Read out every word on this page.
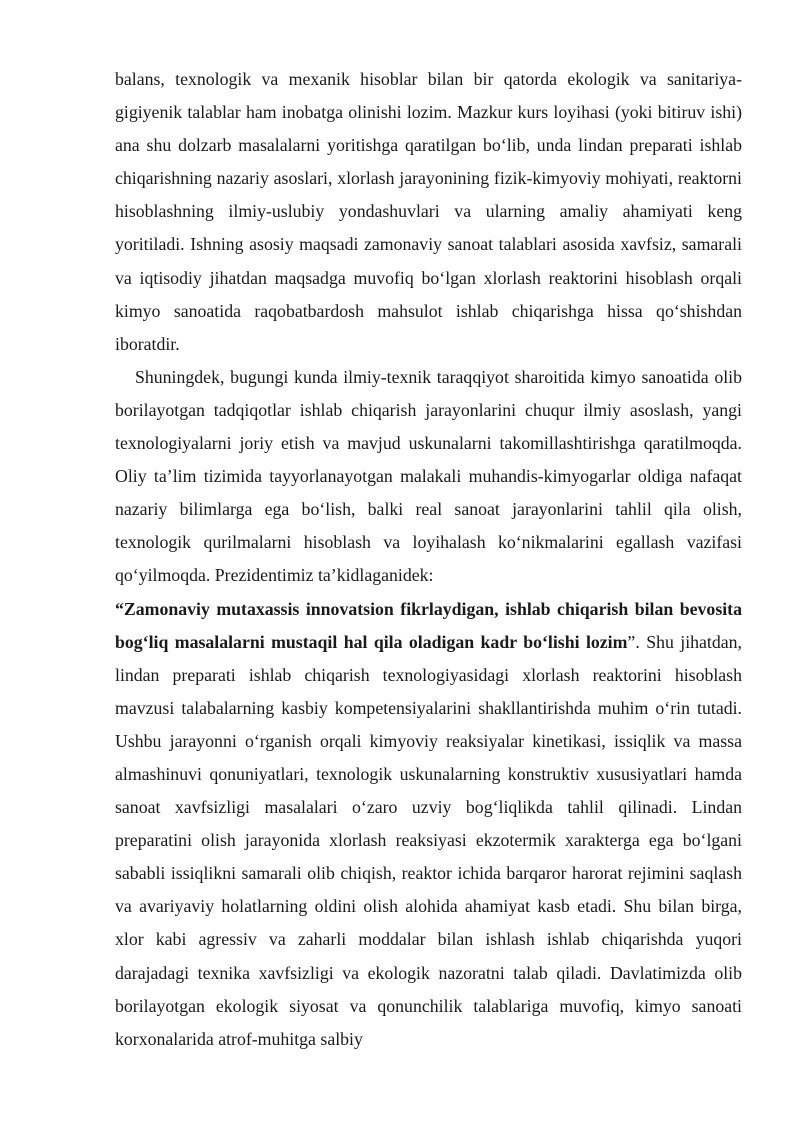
balans, texnologik va mexanik hisoblar bilan bir qatorda ekologik va sanitariya-gigiyenik talablar ham inobatga olinishi lozim. Mazkur kurs loyihasi (yoki bitiruv ishi) ana shu dolzarb masalalarni yoritishga qaratilgan bo‘lib, unda lindan preparati ishlab chiqarishning nazariy asoslari, xlorlash jarayonining fizik-kimyoviy mohiyati, reaktorni hisoblashning ilmiy-uslubiy yondashuvlari va ularning amaliy ahamiyati keng yoritiladi. Ishning asosiy maqsadi zamonaviy sanoat talablari asosida xavfsiz, samarali va iqtisodiy jihatdan maqsadga muvofiq bo‘lgan xlorlash reaktorini hisoblash orqali kimyo sanoatida raqobatbardosh mahsulot ishlab chiqarishga hissa qo‘shishdan iboratdir.

Shuningdek, bugungi kunda ilmiy-texnik taraqqiyot sharoitida kimyo sanoatida olib borilayotgan tadqiqotlar ishlab chiqarish jarayonlarini chuqur ilmiy asoslash, yangi texnologiyalarni joriy etish va mavjud uskunalarni takomillashtirishga qaratilmoqda. Oliy ta’lim tizimida tayyorlanayotgan malakali muhandis-kimyogarlar oldiga nafaqat nazariy bilimlarga ega bo‘lish, balki real sanoat jarayonlarini tahlil qila olish, texnologik qurilmalarni hisoblash va loyihalash ko‘nikmalarini egallash vazifasi qo‘yilmoqda. Prezidentimiz ta’kidlaganidek:

“Zamonaviy mutaxassis innovatsion fikrlaydigan, ishlab chiqarish bilan bevosita bog‘liq masalalarni mustaqil hal qila oladigan kadr bo‘lishi lozim”. Shu jihatdan, lindan preparati ishlab chiqarish texnologiyasidagi xlorlash reaktorini hisoblash mavzusi talabalarning kasbiy kompetensiyalarini shakllantirishda muhim o‘rin tutadi. Ushbu jarayonni o‘rganish orqali kimyoviy reaksiyalar kinetikasi, issiqlik va massa almashinuvi qonuniyatlari, texnologik uskunalarning konstruktiv xususiyatlari hamda sanoat xavfsizligi masalalari o‘zaro uzviy bog‘liqlikda tahlil qilinadi. Lindan preparatini olish jarayonida xlorlash reaksiyasi ekzotermik xarakterga ega bo‘lgani sababli issiqlikni samarali olib chiqish, reaktor ichida barqaror harorat rejimini saqlash va avariyaviy holatlarning oldini olish alohida ahamiyat kasb etadi. Shu bilan birga, xlor kabi agressiv va zaharli moddalar bilan ishlash ishlab chiqarishda yuqori darajadagi texnika xavfsizligi va ekologik nazoratni talab qiladi. Davlatimizda olib borilayotgan ekologik siyosat va qonunchilik talablariga muvofiq, kimyo sanoati korxonalarida atrof-muhitga salbiy
